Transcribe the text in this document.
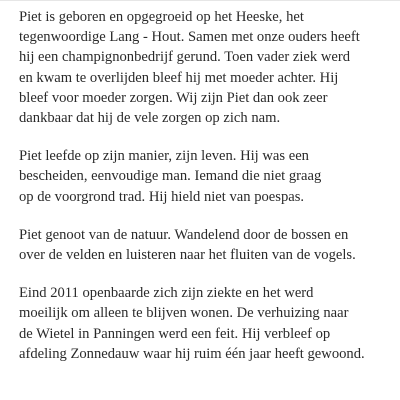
Piet is geboren en opgegroeid op het Heeske, het
tegenwoordige Lang - Hout. Samen met onze ouders heeft
hij een champignonbedrijf gerund. Toen vader ziek werd
en kwam te overlijden bleef hij met moeder achter. Hij
bleef voor moeder zorgen. Wij zijn Piet dan ook zeer
dankbaar dat hij de vele zorgen op zich nam.

Piet leefde op zijn manier, zijn leven. Hij was een
bescheiden, eenvoudige man. Iemand die niet graag
op de voorgrond trad. Hij hield niet van poespas.

Piet genoot van de natuur. Wandelend door de bossen en
over de velden en luisteren naar het fluiten van de vogels.

Eind 2011 openbaarde zich zijn ziekte en het werd
moeilijk om alleen te blijven wonen. De verhuizing naar
de Wietel in Panningen werd een feit. Hij verbleef op
afdeling Zonnedauw waar hij ruim één jaar heeft gewoond.
